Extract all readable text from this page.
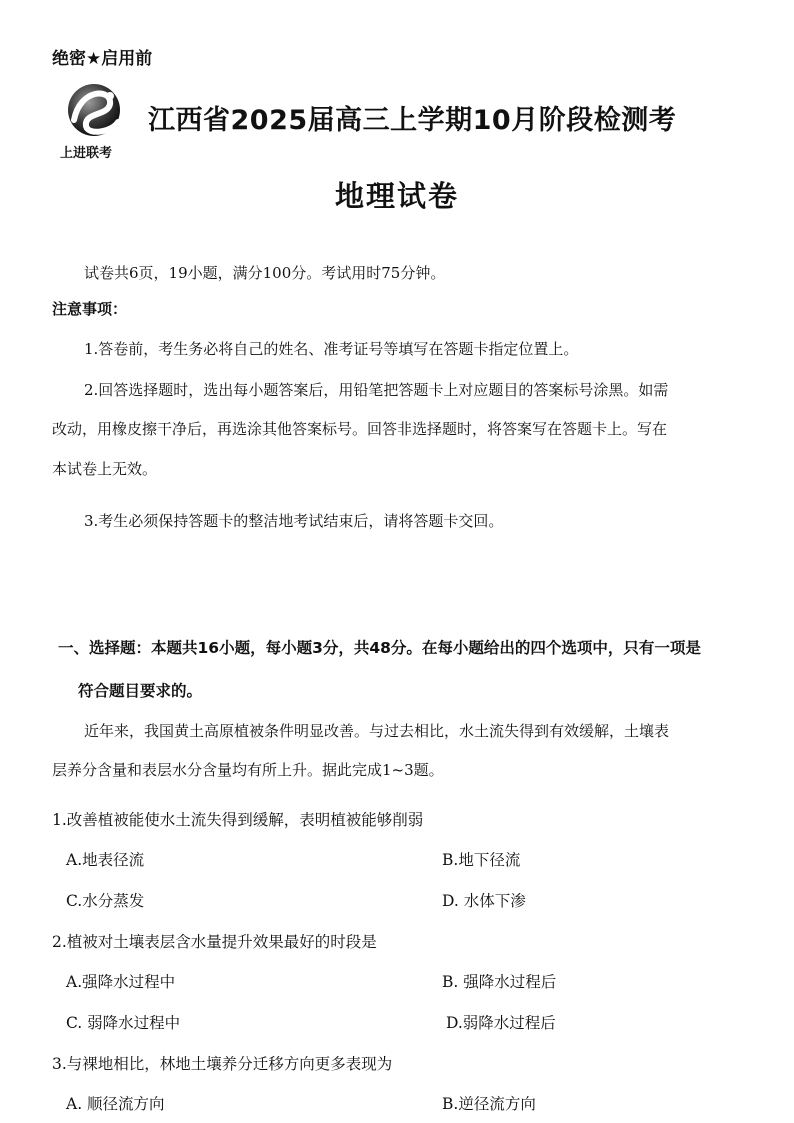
绝密★启用前
上进联考
江西省2025届高三上学期10月阶段检测考
地理试卷
试卷共6页，19小题，满分100分。考试用时75分钟。
注意事项：
1.答卷前，考生务必将自己的姓名、准考证号等填写在答题卡指定位置上。
2.回答选择题时，选出每小题答案后，用铅笔把答题卡上对应题目的答案标号涂黑。如需
改动，用橡皮擦干净后，再选涂其他答案标号。回答非选择题时，将答案写在答题卡上。写在
本试卷上无效。
3.考生必须保持答题卡的整洁地考试结束后，请将答题卡交回。
一、选择题：本题共16小题，每小题3分，共48分。在每小题给出的四个选项中，只有一项是
符合题目要求的。
近年来，我国黄土高原植被条件明显改善。与过去相比，水土流失得到有效缓解，土壤表
层养分含量和表层水分含量均有所上升。据此完成1~3题。
1.改善植被能使水土流失得到缓解，表明植被能够削弱
A.地表径流	B.地下径流
C.水分蒸发	D. 水体下渗
2.植被对土壤表层含水量提升效果最好的时段是
A.强降水过程中	B. 强降水过程后
C. 弱降水过程中	D.弱降水过程后
3.与裸地相比，林地土壤养分迁移方向更多表现为
A. 顺径流方向	B.逆径流方向
